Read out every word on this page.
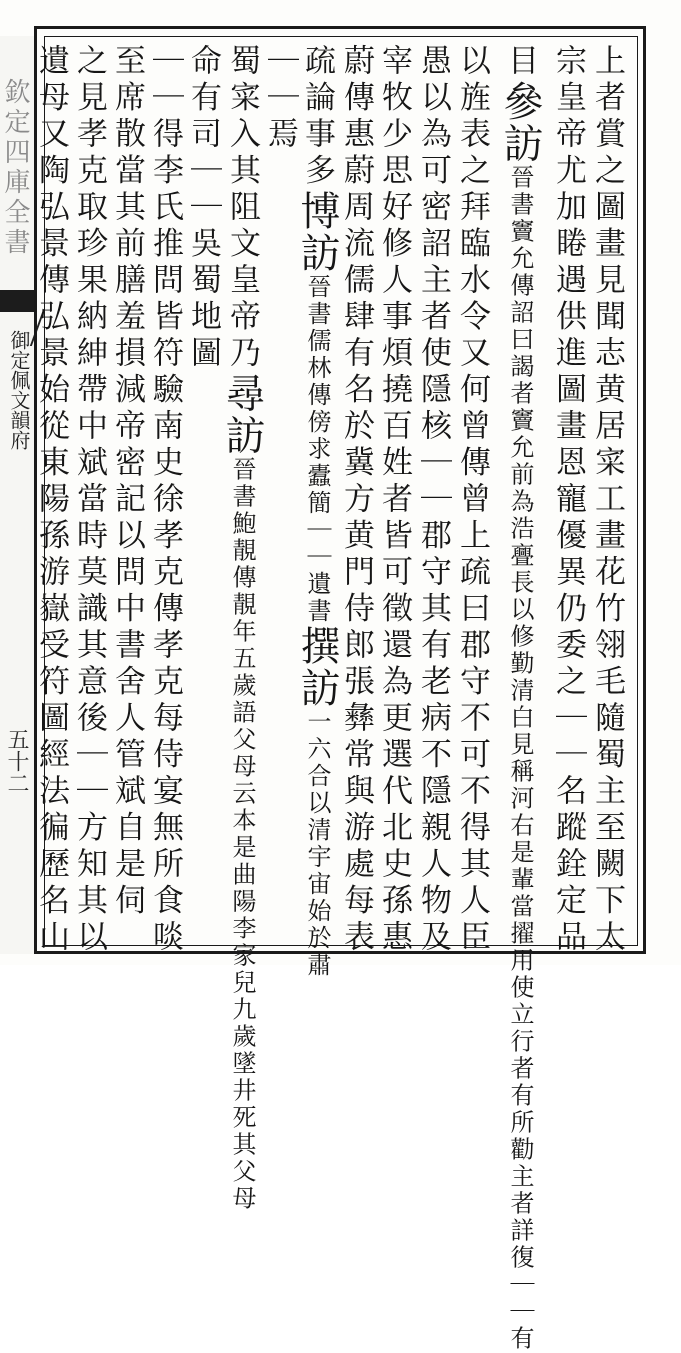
欽定四庫全書
御定佩文韻府
五十二	上者賞之圖畫見聞志黄居寀工畫花竹翎毛隨蜀主至闕下太

宗皇帝尤加睠遇供進圖畫恩寵優異仍委之｜｜名蹤銓定品

目參訪晉書竇允傳詔曰謁者竇允前為浩亹長以修勤清白見稱河右是輩當擢用使立行者有所勸主者詳復｜｜有

以旌表之拜臨水令又何曾傳曾上疏曰郡守不可不得其人臣

愚以為可密詔主者使隱核｜｜郡守其有老病不隱親人物及

宰牧少思好修人事煩撓百姓者皆可徵還為更選代北史孫惠

蔚傳惠蔚周流儒肆有名於冀方黄門侍郎張彝常與游處每表

疏論事多博訪晉書儒林傳傍求蠹簡｜｜遺書撰訪一六合以清宇宙始於肅

｜｜焉

蜀寀入其阻文皇帝乃尋訪晉書鮑靚傳靚年五歲語父母云本是曲陽李家兒九歲墜井死其父母

命有司｜｜吳蜀地圖

｜｜得李氏推問皆符驗南史徐孝克傳孝克每侍宴無所食啖

至席散當其前膳羞損減帝密記以問中書舍人管斌自是伺

之見孝克取珍果納紳帶中斌當時莫識其意後｜｜方知其以

遺母又陶弘景傳弘景始從東陽孫游嶽受符圖經法徧歷名山
